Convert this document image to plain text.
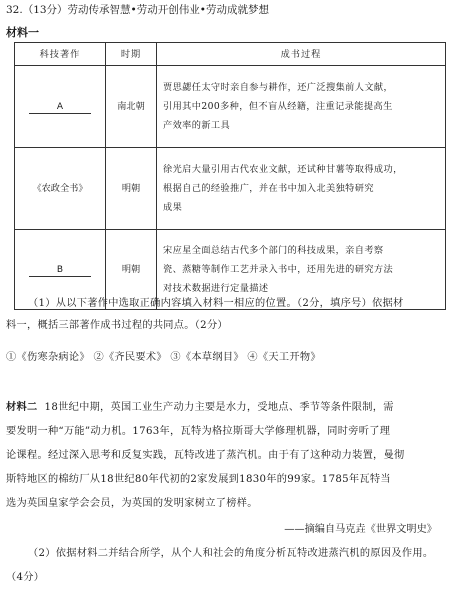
32.（13分）劳动传承智慧•劳动开创伟业•劳动成就梦想
材料一
科技著作	时期	成书过程
A	南北朝	贾思勰任太守时亲自参与耕作，还广泛搜集前人文献，
引用其中200多种，但不盲从经籍，注重记录能提高生
产效率的新工具

《农政全书》	明朝	徐光启大量引用古代农业文献，还试种甘薯等取得成功，
根据自己的经验推广，并在书中加入北美独特研究
成果

B	明朝	宋应星全面总结古代多个部门的科技成果，亲自考察
瓷、蒸糖等制作工艺并录入书中，还用先进的研究方法
对技术数据进行定量描述
（1）从以下著作中选取正确内容填入材料一相应的位置。（2分，填序号）依据材
料一，概括三部著作成书过程的共同点。（2分）
①《伤寒杂病论》 ②《齐民要术》 ③《本草纲目》 ④《天工开物》
材料二 18世纪中期，英国工业生产动力主要是水力，受地点、季节等条件限制，需
要发明一种“万能”动力机。1763年，瓦特为格拉斯哥大学修理机器，同时旁听了理
论课程。经过深入思考和反复实践，瓦特改进了蒸汽机。由于有了这种动力装置，曼彻
斯特地区的棉纺厂从18世纪80年代初的2家发展到1830年的99家。1785年瓦特当
选为英国皇家学会会员，为英国的发明家树立了榜样。
——摘编自马克垚《世界文明史》
（2）依据材料二并结合所学，从个人和社会的角度分析瓦特改进蒸汽机的原因及作用。
（4分）
